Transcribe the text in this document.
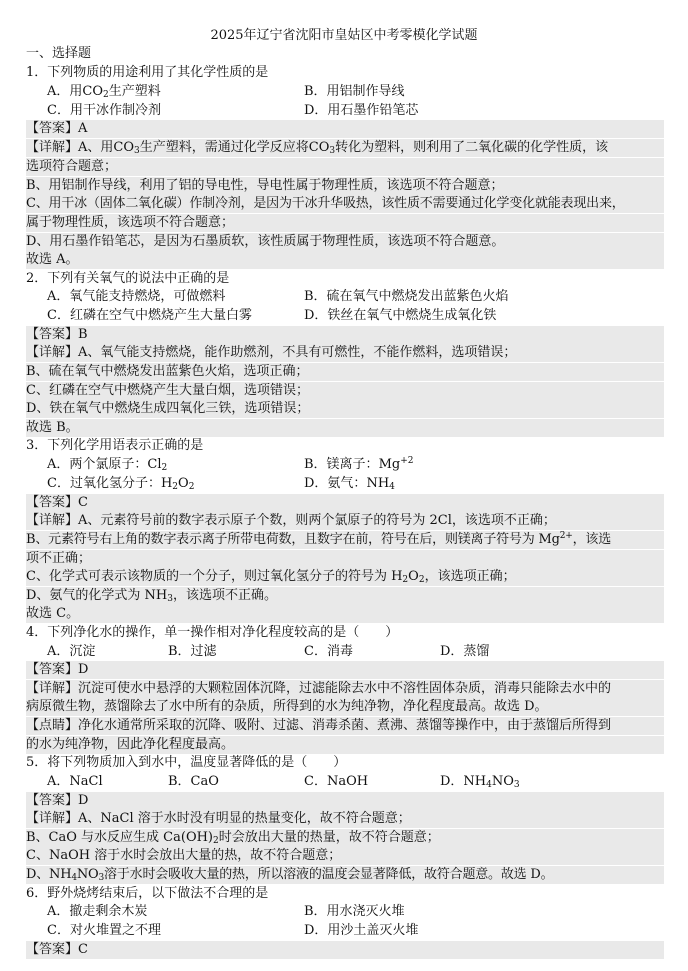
2025年辽宁省沈阳市皇姑区中考零模化学试题
一、选择题
1．下列物质的用途利用了其化学性质的是
A．用$CO_2$生产塑料	B．用铝制作导线
C．用干冰作制冷剂	D．用石墨作铅笔芯
【答案】A
【详解】A、用$CO_3$生产塑料，需通过化学反应将$CO_3$转化为塑料，则利用了二氧化碳的化学性质，该
选项符合题意；
B、用铝制作导线，利用了铝的导电性，导电性属于物理性质，该选项不符合题意；
C、用干冰（固体二氧化碳）作制冷剂，是因为干冰升华吸热，该性质不需要通过化学变化就能表现出来，
属于物理性质，该选项不符合题意；
D、用石墨作铅笔芯，是因为石墨质软，该性质属于物理性质，该选项不符合题意。
故选 A。
2．下列有关氧气的说法中正确的是
A．氧气能支持燃烧，可做燃料	B．硫在氧气中燃烧发出蓝紫色火焰
C．红磷在空气中燃烧产生大量白雾	D．铁丝在氧气中燃烧生成氧化铁
【答案】B
【详解】A、氧气能支持燃烧，能作助燃剂，不具有可燃性，不能作燃料，选项错误；
B、硫在氧气中燃烧发出蓝紫色火焰，选项正确；
C、红磷在空气中燃烧产生大量白烟，选项错误；
D、铁在氧气中燃烧生成四氧化三铁，选项错误；
故选 B。
3．下列化学用语表示正确的是
A．两个氯原子：$Cl_2$	B．镁离子：$Mg^{+2}$
C．过氧化氢分子：$H_2O_2$	D．氨气：$NH_4$
【答案】C
【详解】A、元素符号前的数字表示原子个数，则两个氯原子的符号为 2Cl，该选项不正确；
B、元素符号右上角的数字表示离子所带电荷数，且数字在前，符号在后，则镁离子符号为 $Mg^{2+}$，该选
项不正确；
C、化学式可表示该物质的一个分子，则过氧化氢分子的符号为 $H_2O_2$，该选项正确；
D、氨气的化学式为 $NH_3$，该选项不正确。
故选 C。
4．下列净化水的操作，单一操作相对净化程度较高的是（　　）
A．沉淀	B．过滤	C．消毒	D．蒸馏
【答案】D
【详解】沉淀可使水中悬浮的大颗粒固体沉降，过滤能除去水中不溶性固体杂质，消毒只能除去水中的
病原微生物，蒸馏除去了水中所有的杂质，所得到的水为纯净物，净化程度最高。故选 D。
【点睛】净化水通常所采取的沉降、吸附、过滤、消毒杀菌、煮沸、蒸馏等操作中，由于蒸馏后所得到
的水为纯净物，因此净化程度最高。
5．将下列物质加入到水中，温度显著降低的是（　　）
A．NaCl	B．CaO	C．NaOH	D．$NH_4NO_3$
【答案】D
【详解】A、NaCl 溶于水时没有明显的热量变化，故不符合题意；
B、CaO 与水反应生成 $Ca(OH)_2$时会放出大量的热量，故不符合题意；
C、NaOH 溶于水时会放出大量的热，故不符合题意；
D、$NH_4NO_3$溶于水时会吸收大量的热，所以溶液的温度会显著降低，故符合题意。故选 D。
6．野外烧烤结束后，以下做法不合理的是
A．撤走剩余木炭	B．用水浇灭火堆
C．对火堆置之不理	D．用沙土盖灭火堆
【答案】C
